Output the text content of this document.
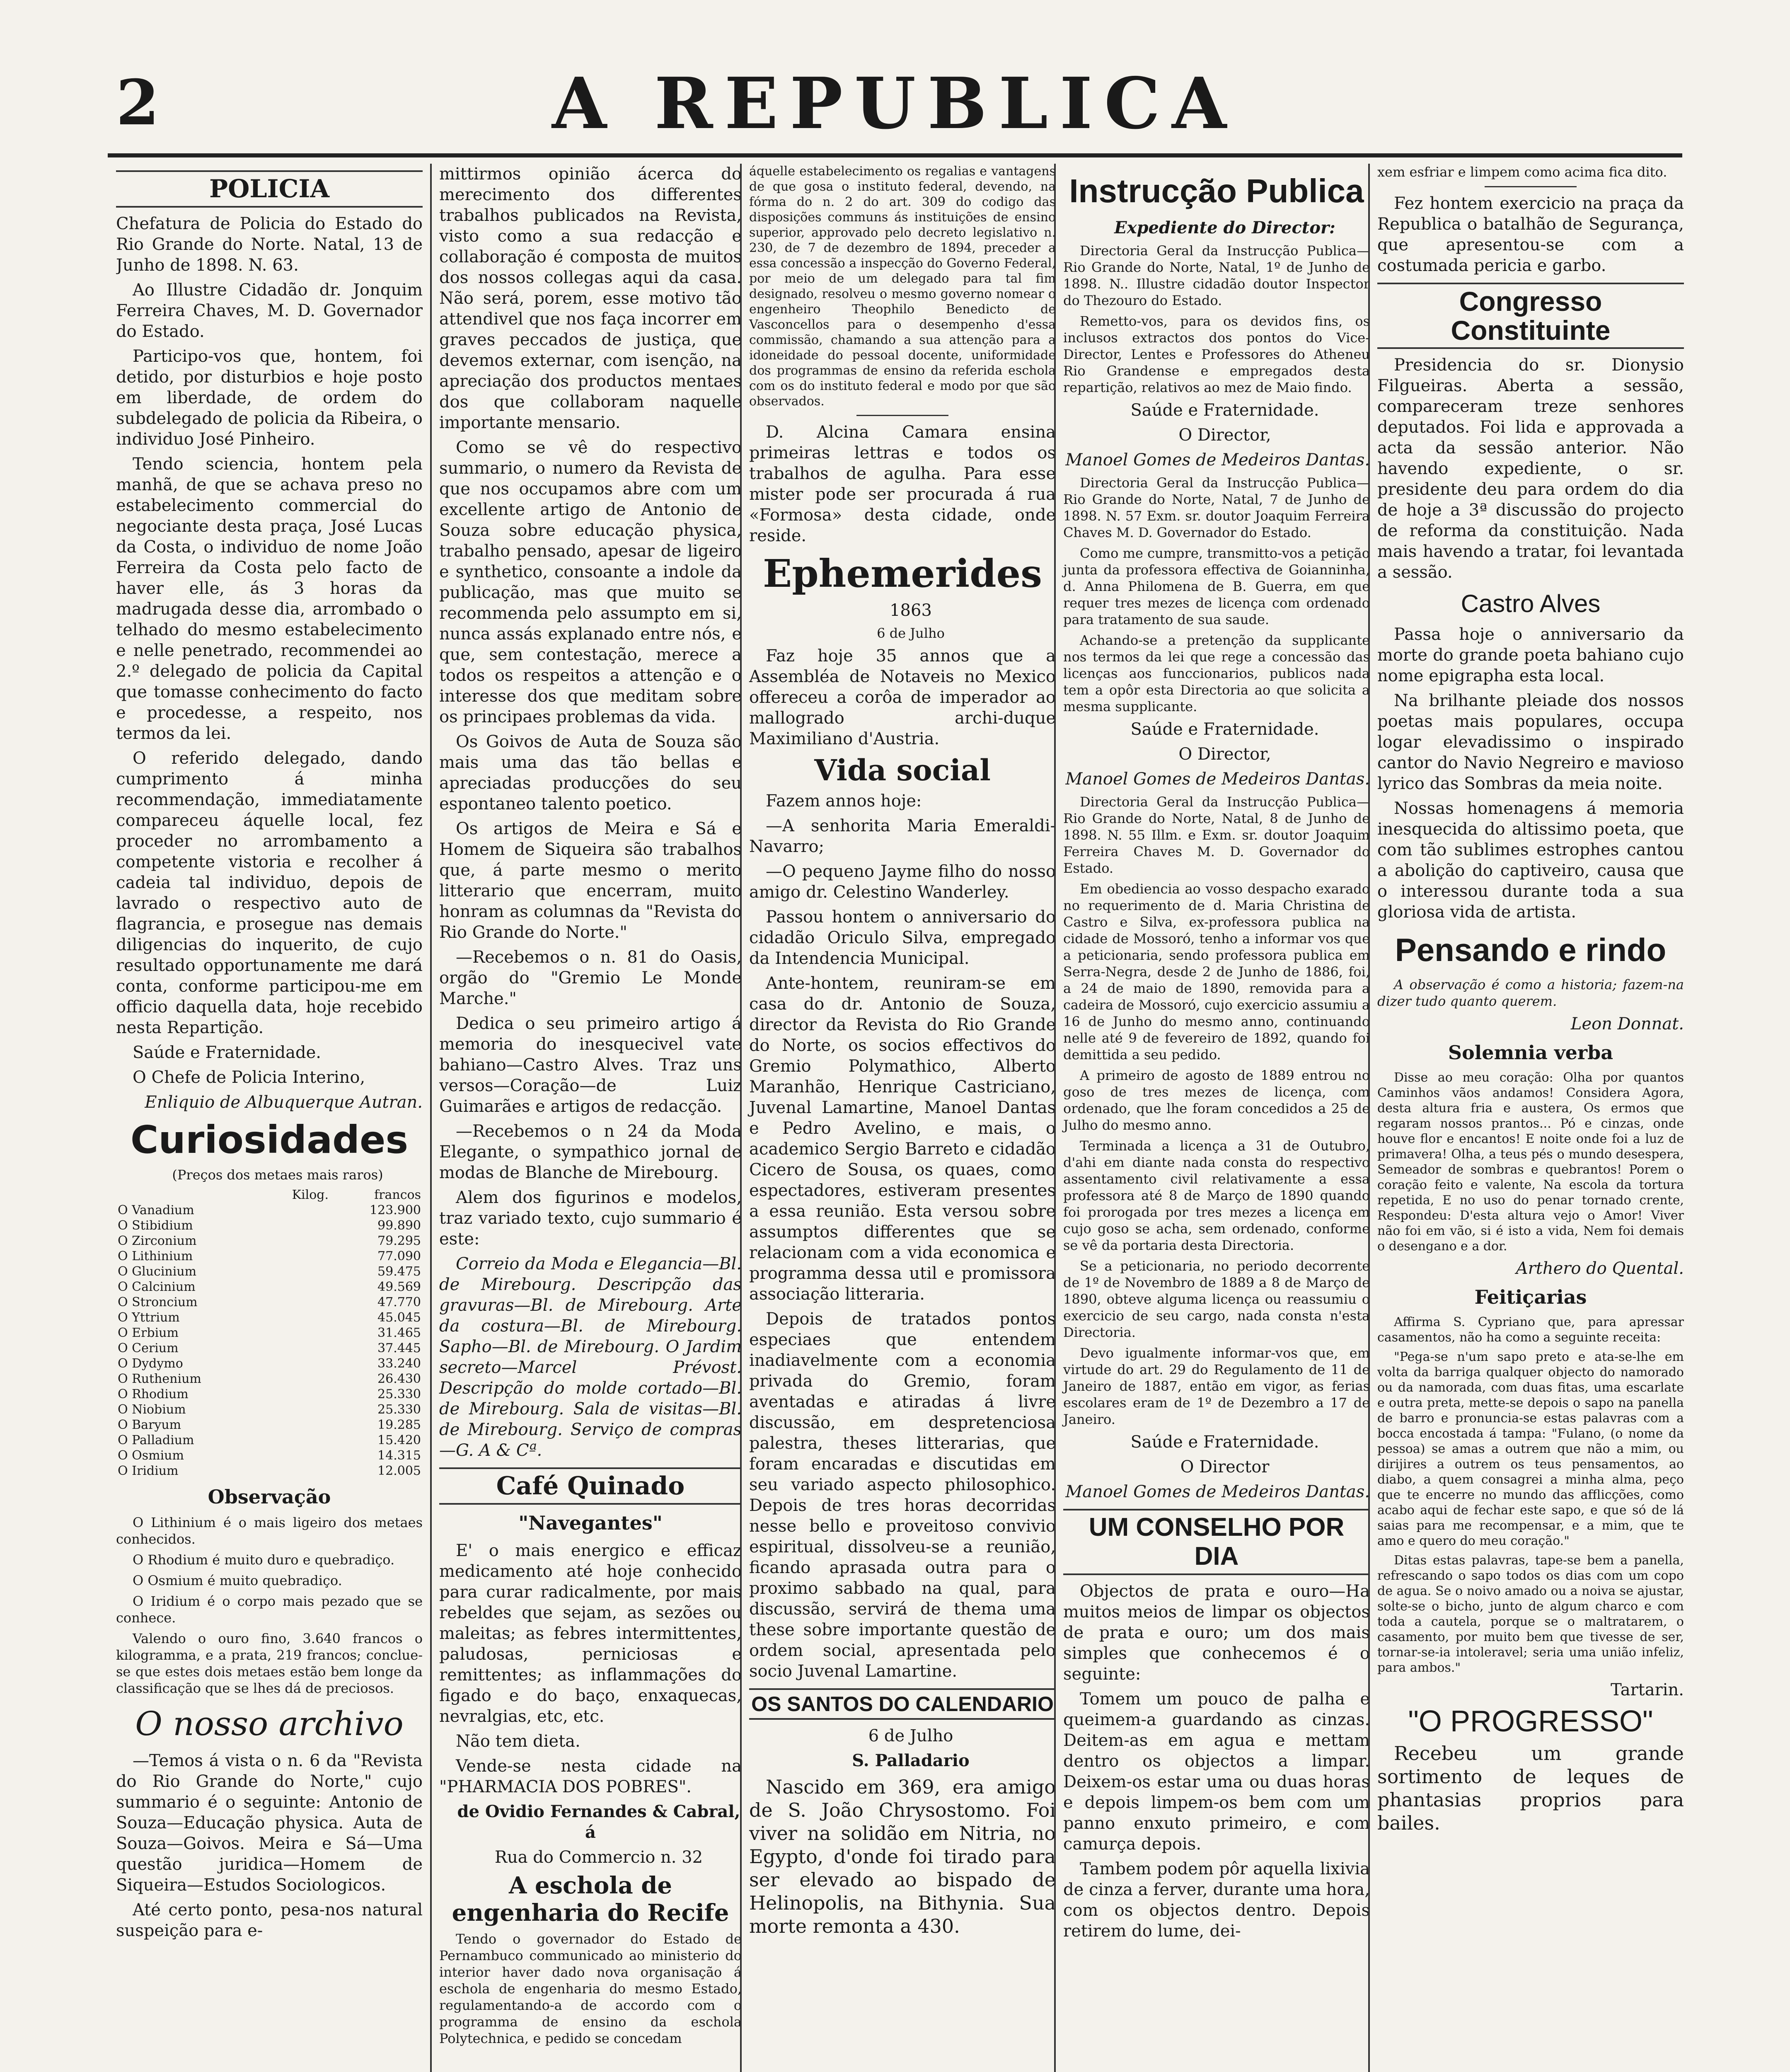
2	A REPUBLICA
POLICIA

Chefatura de Policia do Estado do Rio Grande do Norte. Natal, 13 de Junho de 1898. N. 63.

Ao Illustre Cidadão dr. Jonquim Ferreira Chaves, M. D. Governador do Estado.

Participo-vos que, hontem, foi detido, por disturbios e hoje posto em liberdade, de ordem do subdelegado de policia da Ribeira, o individuo José Pinheiro.

Tendo sciencia, hontem pela manhã, de que se achava preso no estabelecimento commercial do negociante desta praça, José Lucas da Costa, o individuo de nome João Ferreira da Costa pelo facto de haver elle, ás 3 horas da madrugada desse dia, arrombado o telhado do mesmo estabelecimento e nelle penetrado, recommendei ao 2.º delegado de policia da Capital que tomasse conhecimento do facto e procedesse, a respeito, nos termos da lei.

O referido delegado, dando cumprimento á minha recommendação, immediatamente compareceu áquelle local, fez proceder no arrombamento a competente vistoria e recolher á cadeia tal individuo, depois de lavrado o respectivo auto de flagrancia, e prosegue nas demais diligencias do inquerito, de cujo resultado opportunamente me dará conta, conforme participou-me em officio daquella data, hoje recebido nesta Repartição.

Saúde e Fraternidade.

O Chefe de Policia Interino,

Enliquio de Albuquerque Autran.
Curiosidades

(Preços dos metaes mais raros)

	Kilog.	francos
O Vanadium		123.900
O Stibidium		99.890
O Zirconium		79.295
O Lithinium		77.090
O Glucinium		59.475
O Calcinium		49.569
O Stroncium		47.770
O Yttrium		45.045
O Erbium		31.465
O Cerium		37.445
O Dydymo		33.240
O Ruthenium		26.430
O Rhodium		25.330
O Niobium		25.330
O Baryum		19.285
O Palladium		15.420
O Osmium		14.315
O Iridium		12.005
Observação

O Lithinium é o mais ligeiro dos metaes conhecidos.

O Rhodium é muito duro e quebradiço.

O Osmium é muito quebradiço.

O Iridium é o corpo mais pezado que se conhece.

Valendo o ouro fino, 3.640 francos o kilogramma, e a prata, 219 francos; conclue-se que estes dois metaes estão bem longe da classificação que se lhes dá de preciosos.

O nosso archivo

—Temos á vista o n. 6 da "Revista do Rio Grande do Norte," cujo summario é o seguinte: Antonio de Souza—Educação physica. Auta de Souza—Goivos. Meira e Sá—Uma questão juridica—Homem de Siqueira—Estudos Sociologicos.

Até certo ponto, pesa-nos natural suspeição para e-

mittirmos opinião ácerca do merecimento dos differentes trabalhos publicados na Revista, visto como a sua redacção e collaboração é composta de muitos dos nossos collegas aqui da casa. Não será, porem, esse motivo tão attendivel que nos faça incorrer em graves peccados de justiça, que devemos externar, com isenção, na apreciação dos productos mentaes dos que collaboram naquelle importante mensario.

Como se vê do respectivo summario, o numero da Revista de que nos occupamos abre com um excellente artigo de Antonio de Souza sobre educação physica, trabalho pensado, apesar de ligeiro e synthetico, consoante a indole da publicação, mas que muito se recommenda pelo assumpto em si, nunca assás explanado entre nós, e que, sem contestação, merece a todos os respeitos a attenção e o interesse dos que meditam sobre os principaes problemas da vida.

Os Goivos de Auta de Souza são mais uma das tão bellas e apreciadas producções do seu espontaneo talento poetico.

Os artigos de Meira e Sá e Homem de Siqueira são trabalhos que, á parte mesmo o merito litterario que encerram, muito honram as columnas da "Revista do Rio Grande do Norte."

—Recebemos o n. 81 do Oasis, orgão do "Gremio Le Monde Marche."

Dedica o seu primeiro artigo á memoria do inesquecivel vate bahiano—Castro Alves. Traz uns versos—Coração—de Luiz Guimarães e artigos de redacção.

—Recebemos o n 24 da Moda Elegante, o sympathico jornal de modas de Blanche de Mirebourg.

Alem dos figurinos e modelos, traz variado texto, cujo summario é este:

Correio da Moda e Elegancia—Bl. de Mirebourg. Descripção das gravuras—Bl. de Mirebourg. Arte da costura—Bl. de Mirebourg. Sapho—Bl. de Mirebourg. O Jardim secreto—Marcel Prévost. Descripção do molde cortado—Bl. de Mirebourg. Sala de visitas—Bl. de Mirebourg. Serviço de compras—G. A & Cª.

Café Quinado
"Navegantes"

E' o mais energico e efficaz medicamento até hoje conhecido para curar radicalmente, por mais rebeldes que sejam, as sezões ou maleitas; as febres intermittentes, paludosas, perniciosas e remittentes; as inflammações do figado e do baço, enxaquecas, nevralgias, etc, etc.

Não tem dieta.

Vende-se nesta cidade na "PHARMACIA DOS POBRES".

de Ovidio Fernandes & Cabral, á

Rua do Commercio n. 32

A eschola de engenharia do Recife

Tendo o governador do Estado de Pernambuco communicado ao ministerio do interior haver dado nova organisação á eschola de engenharia do mesmo Estado, regulamentando-a de accordo com o programma de ensino da eschola Polytechnica, e pedido se concedam

áquelle estabelecimento os regalias e vantagens de que gosa o instituto federal, devendo, na fórma do n. 2 do art. 309 do codigo das disposições communs ás instituições de ensino superior, approvado pelo decreto legislativo n. 230, de 7 de dezembro de 1894, preceder a essa concessão a inspecção do Governo Federal, por meio de um delegado para tal fim designado, resolveu o mesmo governo nomear o engenheiro Theophilo Benedicto de Vasconcellos para o desempenho d'essa commissão, chamando a sua attenção para a idoneidade do pessoal docente, uniformidade dos programmas de ensino da referida eschola com os do instituto federal e modo por que são observados.

D. Alcina Camara ensina primeiras lettras e todos os trabalhos de agulha. Para esse mister pode ser procurada á rua «Formosa» desta cidade, onde reside.

Ephemerides

1863

6 de Julho

Faz hoje 35 annos que a Assembléa de Notaveis no Mexico offereceu a corôa de imperador ao mallogrado archi-duque Maximiliano d'Austria.

Vida social

Fazem annos hoje:

—A senhorita Maria Emeraldi-Navarro;

—O pequeno Jayme filho do nosso amigo dr. Celestino Wanderley.

Passou hontem o anniversario do cidadão Oriculo Silva, empregado da Intendencia Municipal.

Ante-hontem, reuniram-se em casa do dr. Antonio de Souza, director da Revista do Rio Grande do Norte, os socios effectivos do Gremio Polymathico, Alberto Maranhão, Henrique Castriciano, Juvenal Lamartine, Manoel Dantas e Pedro Avelino, e mais, o academico Sergio Barreto e cidadão Cicero de Sousa, os quaes, como espectadores, estiveram presentes a essa reunião. Esta versou sobre assumptos differentes que se relacionam com a vida economica e programma dessa util e promissora associação litteraria.

Depois de tratados pontos especiaes que entendem inadiavelmente com a economia privada do Gremio, foram aventadas e atiradas á livre discussão, em despretenciosa palestra, theses litterarias, que foram encaradas e discutidas em seu variado aspecto philosophico. Depois de tres horas decorridas nesse bello e proveitoso convivio espiritual, dissolveu-se a reunião, ficando aprasada outra para o proximo sabbado na qual, para discussão, servirá de thema uma these sobre importante questão de ordem social, apresentada pelo socio Juvenal Lamartine.

OS SANTOS DO CALENDARIO

6 de Julho

S. Palladario

Nascido em 369, era amigo de S. João Chrysostomo. Foi viver na solidão em Nitria, no Egypto, d'onde foi tirado para ser elevado ao bispado de Helinopolis, na Bithynia. Sua morte remonta a 430.

Instrucção Publica

Expediente do Director:

Directoria Geral da Instrucção Publica—Rio Grande do Norte, Natal, 1º de Junho de 1898. N.. Illustre cidadão doutor Inspector do Thezouro do Estado.

Remetto-vos, para os devidos fins, os inclusos extractos dos pontos do Vice-Director, Lentes e Professores do Atheneu Rio Grandense e empregados desta repartição, relativos ao mez de Maio findo.

Saúde e Fraternidade.

O Director,

Manoel Gomes de Medeiros Dantas.

Directoria Geral da Instrucção Publica—Rio Grande do Norte, Natal, 7 de Junho de 1898. N. 57 Exm. sr. doutor Joaquim Ferreira Chaves M. D. Governador do Estado.

Como me cumpre, transmitto-vos a petição junta da professora effectiva de Goianninha, d. Anna Philomena de B. Guerra, em que requer tres mezes de licença com ordenado para tratamento de sua saude.

Achando-se a pretenção da supplicante nos termos da lei que rege a concessão das licenças aos funccionarios, publicos nada tem a opôr esta Directoria ao que solicita a mesma supplicante.

Saúde e Fraternidade.

O Director,

Manoel Gomes de Medeiros Dantas.

Directoria Geral da Instrucção Publica—Rio Grande do Norte, Natal, 8 de Junho de 1898. N. 55 Illm. e Exm. sr. doutor Joaquim Ferreira Chaves M. D. Governador do Estado.

Em obediencia ao vosso despacho exarado no requerimento de d. Maria Christina de Castro e Silva, ex-professora publica na cidade de Mossoró, tenho a informar vos que a peticionaria, sendo professora publica em Serra-Negra, desde 2 de Junho de 1886, foi, a 24 de maio de 1890, removida para a cadeira de Mossoró, cujo exercicio assumiu a 16 de Junho do mesmo anno, continuando nelle até 9 de fevereiro de 1892, quando foi demittida a seu pedido.

A primeiro de agosto de 1889 entrou no goso de tres mezes de licença, com ordenado, que lhe foram concedidos a 25 de Julho do mesmo anno.

Terminada a licença a 31 de Outubro, d'ahi em diante nada consta do respectivo assentamento civil relativamente a essa professora até 8 de Março de 1890 quando foi prorogada por tres mezes a licença em cujo goso se acha, sem ordenado, conforme se vê da portaria desta Directoria.

Se a peticionaria, no periodo decorrente de 1º de Novembro de 1889 a 8 de Março de 1890, obteve alguma licença ou reassumiu o exercicio de seu cargo, nada consta n'esta Directoria.

Devo igualmente informar-vos que, em virtude do art. 29 do Regulamento de 11 de Janeiro de 1887, então em vigor, as ferias escolares eram de 1º de Dezembro a 17 de Janeiro.

Saúde e Fraternidade.

O Director

Manoel Gomes de Medeiros Dantas.
UM CONSELHO POR DIA

Objectos de prata e ouro—Ha muitos meios de limpar os objectos de prata e ouro; um dos mais simples que conhecemos é o seguinte:

Tomem um pouco de palha e queimem-a guardando as cinzas. Deitem-as em agua e mettam dentro os objectos a limpar. Deixem-os estar uma ou duas horas e depois limpem-os bem com um panno enxuto primeiro, e com camurça depois.

Tambem podem pôr aquella lixivia de cinza a ferver, durante uma hora, com os objectos dentro. Depois retirem do lume, dei-

xem esfriar e limpem como acima fica dito.

Fez hontem exercicio na praça da Republica o batalhão de Segurança, que apresentou-se com a costumada pericia e garbo.

Congresso Constituinte

Presidencia do sr. Dionysio Filgueiras. Aberta a sessão, compareceram treze senhores deputados. Foi lida e approvada a acta da sessão anterior. Não havendo expediente, o sr. presidente deu para ordem do dia de hoje a 3ª discussão do projecto de reforma da constituição. Nada mais havendo a tratar, foi levantada a sessão.

Castro Alves

Passa hoje o anniversario da morte do grande poeta bahiano cujo nome epigrapha esta local.

Na brilhante pleiade dos nossos poetas mais populares, occupa logar elevadissimo o inspirado cantor do Navio Negreiro e mavioso lyrico das Sombras da meia noite.

Nossas homenagens á memoria inesquecida do altissimo poeta, que com tão sublimes estrophes cantou a abolição do captiveiro, causa que o interessou durante toda a sua gloriosa vida de artista.

Pensando e rindo

A observação é como a historia; fazem-na dizer tudo quanto querem.

Leon Donnat.
Solemnia verba

Disse ao meu coração: Olha por quantos Caminhos vãos andamos! Considera Agora, desta altura fria e austera, Os ermos que regaram nossos prantos... Pó e cinzas, onde houve flor e encantos! E noite onde foi a luz de primavera! Olha, a teus pés o mundo desespera, Semeador de sombras e quebrantos! Porem o coração feito e valente, Na escola da tortura repetida, E no uso do penar tornado crente, Respondeu: D'esta altura vejo o Amor! Viver não foi em vão, si é isto a vida, Nem foi demais o desengano e a dor.

Arthero do Quental.
Feitiçarias

Affirma S. Cypriano que, para apressar casamentos, não ha como a seguinte receita:

"Pega-se n'um sapo preto e ata-se-lhe em volta da barriga qualquer objecto do namorado ou da namorada, com duas fitas, uma escarlate e outra preta, mette-se depois o sapo na panella de barro e pronuncia-se estas palavras com a bocca encostada á tampa: "Fulano, (o nome da pessoa) se amas a outrem que não a mim, ou dirijires a outrem os teus pensamentos, ao diabo, a quem consagrei a minha alma, peço que te encerre no mundo das afflicções, como acabo aqui de fechar este sapo, e que só de lá saias para me recompensar, e a mim, que te amo e quero do meu coração."

Ditas estas palavras, tape-se bem a panella, refrescando o sapo todos os dias com um copo de agua. Se o noivo amado ou a noiva se ajustar, solte-se o bicho, junto de algum charco e com toda a cautela, porque se o maltratarem, o casamento, por muito bem que tivesse de ser, tornar-se-ia intoleravel; seria uma união infeliz, para ambos."

Tartarin.
"O PROGRESSO"

Recebeu um grande sortimento de leques de phantasias proprios para bailes.
